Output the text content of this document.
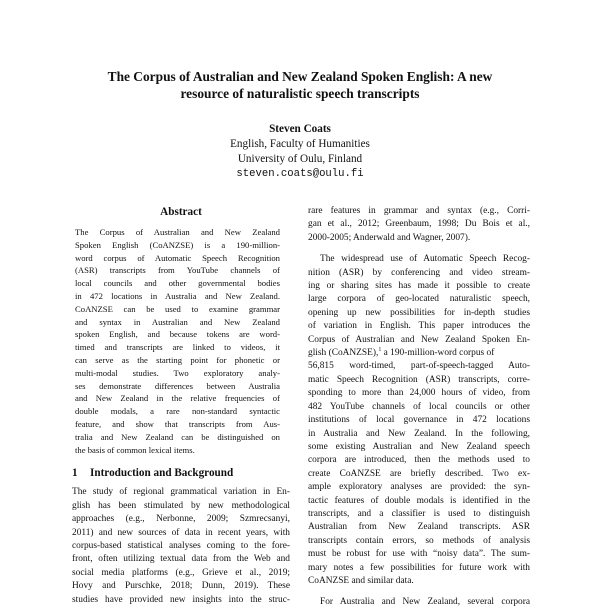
The Corpus of Australian and New Zealand Spoken English: A new
resource of naturalistic speech transcripts
Steven Coats
English, Faculty of Humanities
University of Oulu, Finland
steven.coats@oulu.fi
Abstract
The Corpus of Australian and New Zealand
Spoken English (CoANZSE) is a 190-million-
word corpus of Automatic Speech Recognition
(ASR) transcripts from YouTube channels of
local councils and other governmental bodies
in 472 locations in Australia and New Zealand.
CoANZSE can be used to examine grammar
and syntax in Australian and New Zealand
spoken English, and because tokens are word-
timed and transcripts are linked to videos, it
can serve as the starting point for phonetic or
multi-modal studies. Two exploratory analy-
ses demonstrate differences between Australia
and New Zealand in the relative frequencies of
double modals, a rare non-standard syntactic
feature, and show that transcripts from Aus-
tralia and New Zealand can be distinguished on
the basis of common lexical items.
1 Introduction and Background
The study of regional grammatical variation in En-
glish has been stimulated by new methodological
approaches (e.g., Nerbonne, 2009; Szmrecsanyi,
2011) and new sources of data in recent years, with
corpus-based statistical analyses coming to the fore-
front, often utilizing textual data from the Web and
social media platforms (e.g., Grieve et al., 2019;
Hovy and Purschke, 2018; Dunn, 2019). These
studies have provided new insights into the struc-
rare features in grammar and syntax (e.g., Corri-
gan et al., 2012; Greenbaum, 1998; Du Bois et al.,
2000-2005; Anderwald and Wagner, 2007).
The widespread use of Automatic Speech Recog-
nition (ASR) by conferencing and video stream-
ing or sharing sites has made it possible to create
large corpora of geo-located naturalistic speech,
opening up new possibilities for in-depth studies
of variation in English. This paper introduces the
Corpus of Australian and New Zealand Spoken En-
glish (CoANZSE),$^1$ a 190-million-word corpus of
56,815 word-timed, part-of-speech-tagged Auto-
matic Speech Recognition (ASR) transcripts, corre-
sponding to more than 24,000 hours of video, from
482 YouTube channels of local councils or other
institutions of local governance in 472 locations
in Australia and New Zealand. In the following,
some existing Australian and New Zealand speech
corpora are introduced, then the methods used to
create CoANZSE are briefly described. Two ex-
ample exploratory analyses are provided: the syn-
tactic features of double modals is identified in the
transcripts, and a classifier is used to distinguish
Australian from New Zealand transcripts. ASR
transcripts contain errors, so methods of analysis
must be robust for use with “noisy data”. The sum-
mary notes a few possibilities for future work with
CoANZSE and similar data.
For Australia and New Zealand, several corpora
